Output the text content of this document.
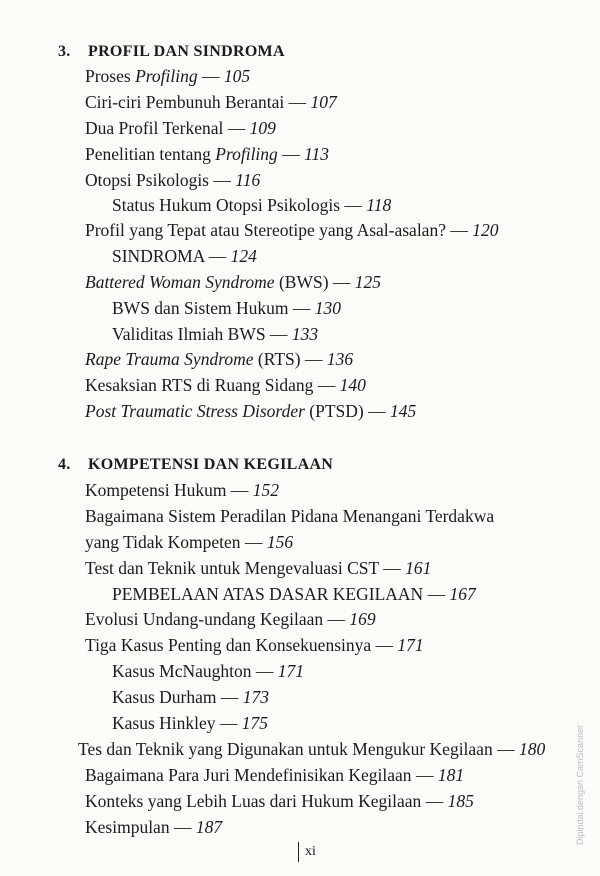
3. PROFIL DAN SINDROMA
Proses Profiling — 105
Ciri-ciri Pembunuh Berantai — 107
Dua Profil Terkenal — 109
Penelitian tentang Profiling — 113
Otopsi Psikologis — 116
Status Hukum Otopsi Psikologis — 118
Profil yang Tepat atau Stereotipe yang Asal-asalan? — 120
SINDROMA — 124
Battered Woman Syndrome (BWS) — 125
BWS dan Sistem Hukum — 130
Validitas Ilmiah BWS — 133
Rape Trauma Syndrome (RTS) — 136
Kesaksian RTS di Ruang Sidang — 140
Post Traumatic Stress Disorder (PTSD) — 145
4. KOMPETENSI DAN KEGILAAN
Kompetensi Hukum — 152
Bagaimana Sistem Peradilan Pidana Menangani Terdakwa
yang Tidak Kompeten — 156
Test dan Teknik untuk Mengevaluasi CST — 161
PEMBELAAN ATAS DASAR KEGILAAN — 167
Evolusi Undang-undang Kegilaan — 169
Tiga Kasus Penting dan Konsekuensinya — 171
Kasus McNaughton — 171
Kasus Durham — 173
Kasus Hinkley — 175
Tes dan Teknik yang Digunakan untuk Mengukur Kegilaan — 180
Bagaimana Para Juri Mendefinisikan Kegilaan — 181
Konteks yang Lebih Luas dari Hukum Kegilaan — 185
Kesimpulan — 187
xi
Dipindai dengan CamScanner
